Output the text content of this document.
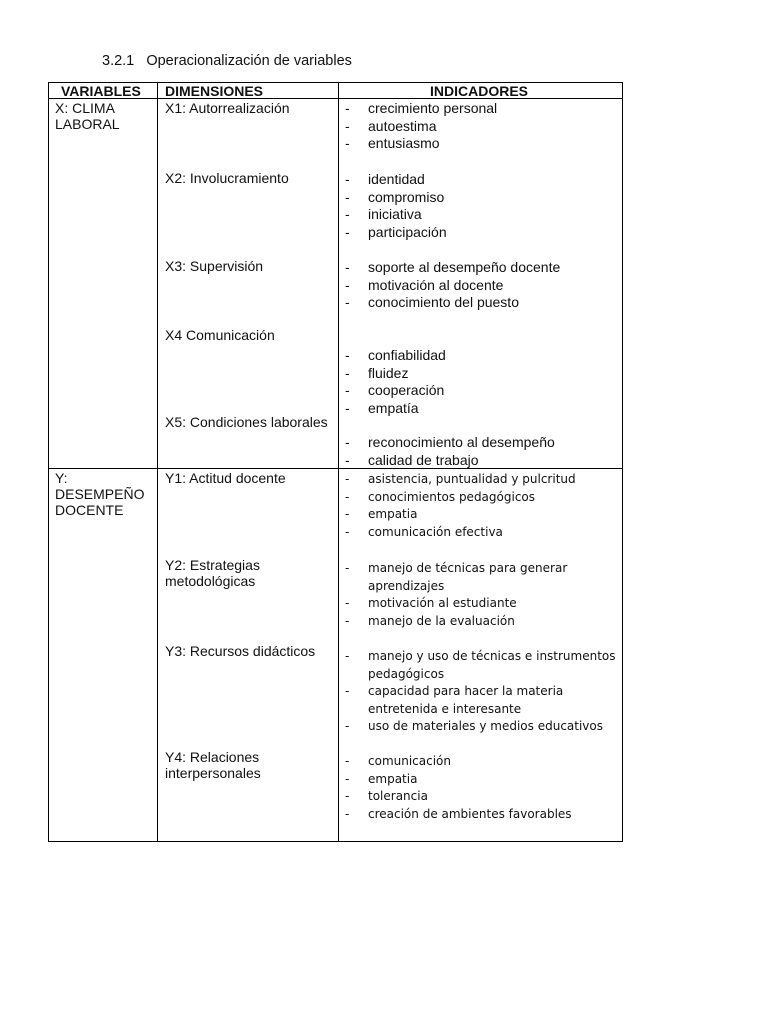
3.2.1 Operacionalización de variables
VARIABLES DIMENSIONES	INDICADORES
X: CLIMA LABORAL
Y: DESEMPEÑO DOCENTE
X1: Autorrealización
X2: Involucramiento
X3: Supervisión
X4 Comunicación
X5: Condiciones laborales
Y1: Actitud docente
Y2: Estrategias metodológicas
Y3: Recursos didácticos
Y4: Relaciones interpersonales
- crecimiento personal
- autoestima
- entusiasmo
- identidad
- compromiso
- iniciativa
- participación
- soporte al desempeño docente
- motivación al docente
- conocimiento del puesto
- confiabilidad
- fluidez
- cooperación
- empatía
- reconocimiento al desempeño
- calidad de trabajo
- asistencia, puntualidad y pulcritud
- conocimientos pedagógicos
- empatia
- comunicación efectiva
- manejo de técnicas para generar aprendizajes
- motivación al estudiante
- manejo de la evaluación
- manejo y uso de técnicas e instrumentos pedagógicos
- capacidad para hacer la materia entretenida e interesante
- uso de materiales y medios educativos
- comunicación
- empatia
- tolerancia
- creación de ambientes favorables
